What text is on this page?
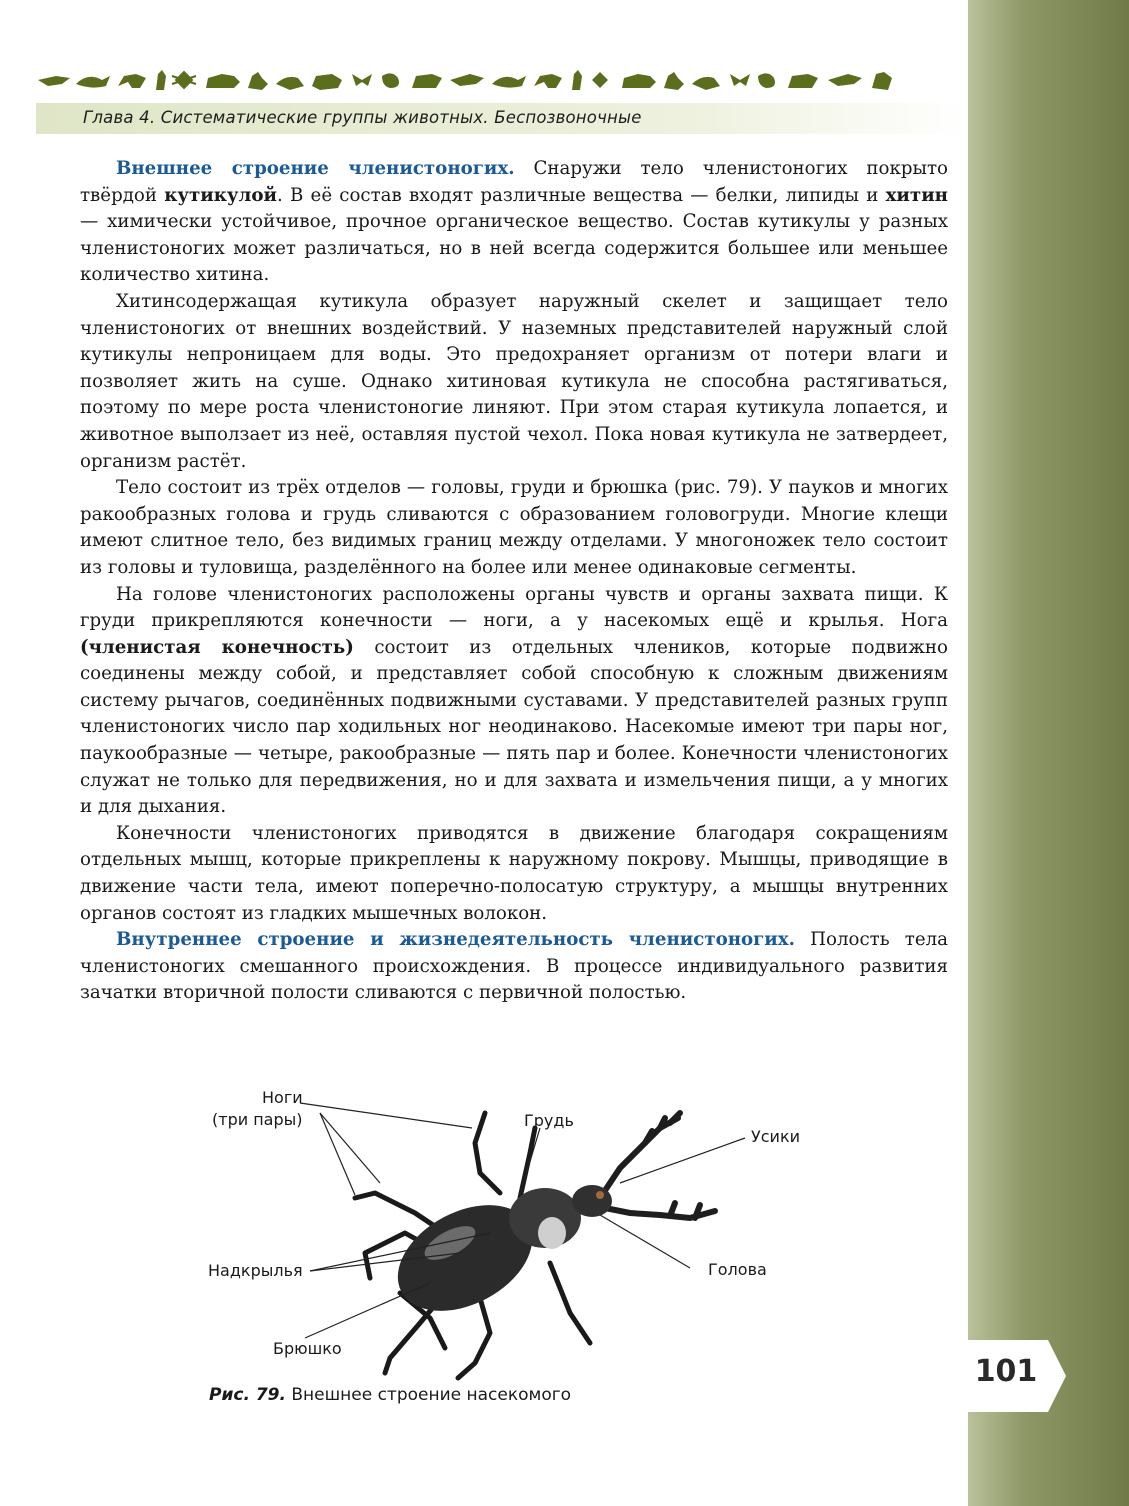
Глава 4. Систематические группы животных. Беспозвоночные

Внешнее строение членистоногих. Снаружи тело членистоногих покрыто твёрдой кутикулой. В её состав входят различные вещества — белки, липиды и хитин — химически устойчивое, прочное органическое вещество. Состав кутикулы у разных членистоногих может различаться, но в ней всегда содержится большее или меньшее количество хитина.

Хитинсодержащая кутикула образует наружный скелет и защищает тело членистоногих от внешних воздействий. У наземных представителей наружный слой кутикулы непроницаем для воды. Это предохраняет организм от потери влаги и позволяет жить на суше. Однако хитиновая кутикула не способна растягиваться, поэтому по мере роста членистоногие линяют. При этом старая кутикула лопается, и животное выползает из неё, оставляя пустой чехол. Пока новая кутикула не затвердеет, организм растёт.

Тело состоит из трёх отделов — головы, груди и брюшка (рис. 79). У пауков и многих ракообразных голова и грудь сливаются с образованием головогруди. Многие клещи имеют слитное тело, без видимых границ между отделами. У многоножек тело состоит из головы и туловища, разделённого на более или менее одинаковые сегменты.

На голове членистоногих расположены органы чувств и органы захвата пищи. К груди прикрепляются конечности — ноги, а у насекомых ещё и крылья. Нога (членистая конечность) состоит из отдельных члеников, которые подвижно соединены между собой, и представляет собой способную к сложным движениям систему рычагов, соединённых подвижными суставами. У представителей разных групп членистоногих число пар ходильных ног неодинаково. Насекомые имеют три пары ног, паукообразные — четыре, ракообразные — пять пар и более. Конечности членистоногих служат не только для передвижения, но и для захвата и измельчения пищи, а у многих и для дыхания.

Конечности членистоногих приводятся в движение благодаря сокращениям отдельных мышц, которые прикреплены к наружному покрову. Мышцы, приводящие в движение части тела, имеют поперечно-полосатую структуру, а мышцы внутренних органов состоят из гладких мышечных волокон.

Внутреннее строение и жизнедеятельность членистоногих. Полость тела членистоногих смешанного происхождения. В процессе индивидуального развития зачатки вторичной полости сливаются с первичной полостью.

Ноги
(три пары)	Грудь
Усики
Надкрылья	Голова
Брюшко
Рис. 79. Внешнее строение насекомого
101
